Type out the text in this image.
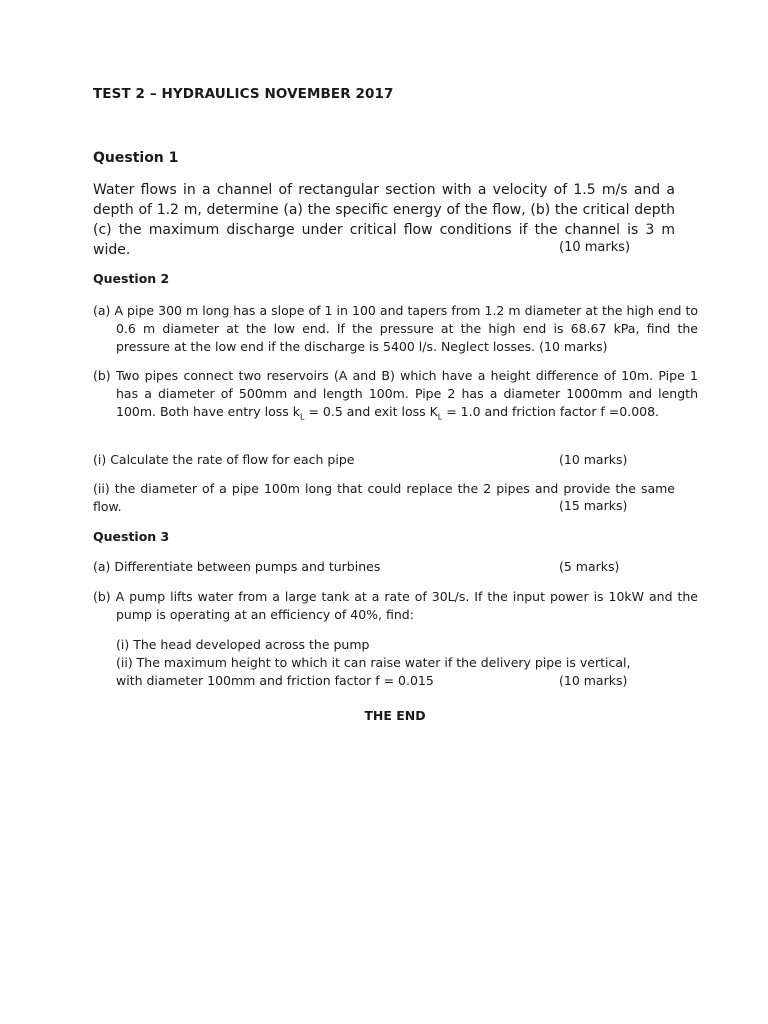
TEST 2 – HYDRAULICS NOVEMBER 2017
Question 1
Water flows in a channel of rectangular section with a velocity of 1.5 m/s and a depth of 1.2 m, determine (a) the specific energy of the flow, (b) the critical depth (c) the maximum discharge under critical flow conditions if the channel is 3 m wide.	(10 marks)
Question 2
(a) A pipe 300 m long has a slope of 1 in 100 and tapers from 1.2 m diameter at the high end to 0.6 m diameter at the low end. If the pressure at the high end is 68.67 kPa, find the pressure at the low end if the discharge is 5400 l/s. Neglect losses. (10 marks)
(b) Two pipes connect two reservoirs (A and B) which have a height difference of 10m. Pipe 1 has a diameter of 500mm and length 100m. Pipe 2 has a diameter 1000mm and length 100m. Both have entry loss $k_L = 0.5$ and exit loss $K_L = 1.0$ and friction factor f =0.008.
(i) Calculate the rate of flow for each pipe	(10 marks)
(ii) the diameter of a pipe 100m long that could replace the 2 pipes and provide the same flow.	(15 marks)
Question 3
(a) Differentiate between pumps and turbines	(5 marks)
(b) A pump lifts water from a large tank at a rate of 30L/s. If the input power is 10kW and the pump is operating at an efficiency of 40%, find:
(i) The head developed across the pump
(ii) The maximum height to which it can raise water if the delivery pipe is vertical,
with diameter 100mm and friction factor f = 0.015	(10 marks)
THE END
